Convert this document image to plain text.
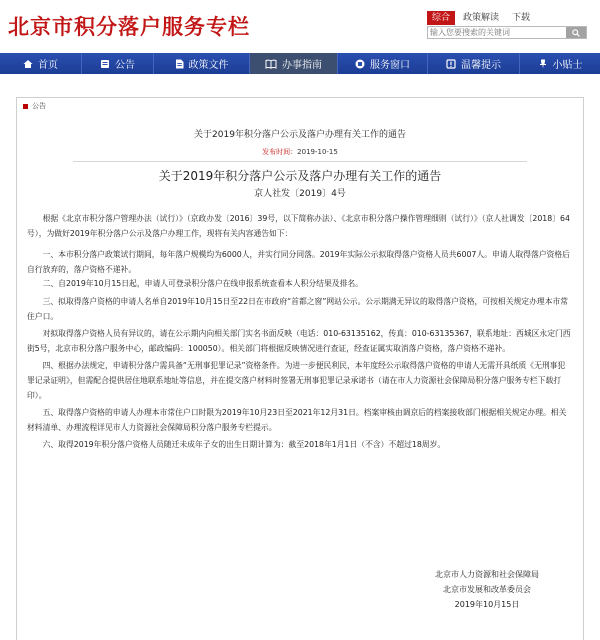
北京市积分落户服务专栏	综合	政策解读	下载
输入您要搜索的关键词
首页	公告	政策文件	办事指南	服务窗口	温馨提示	小贴士
公告
关于2019年积分落户公示及落户办理有关工作的通告
发布时间：2019-10-15
关于2019年积分落户公示及落户办理有关工作的通告
京人社发〔2019〕4号

根据《北京市积分落户管理办法（试行）》（京政办发〔2016〕39号，以下简称办法）、《北京市积分落户操作管理细则（试行）》（京人社调发〔2018〕64号），为做好2019年积分落户公示及落户办理工作，现将有关内容通告如下：

一、本市积分落户政策试行期间，每年落户规模均为6000人，并实行同分同落。2019年实际公示拟取得落户资格人员共6007人。申请人取得落户资格后自行放弃的，落户资格不递补。

二、自2019年10月15日起，申请人可登录积分落户在线申报系统查看本人积分结果及排名。

三、拟取得落户资格的申请人名单自2019年10月15日至22日在市政府“首都之窗”网站公示。公示期满无异议的取得落户资格，可按相关规定办理本市常住户口。

对拟取得落户资格人员有异议的，请在公示期内向相关部门实名书面反映（电话：010-63135162，传真：010-63135367，联系地址：西城区永定门西街5号，北京市积分落户服务中心，邮政编码：100050）。相关部门将根据反映情况进行查证，经查证属实取消落户资格，落户资格不递补。

四、根据办法规定，申请积分落户需具备“无刑事犯罪记录”资格条件。为进一步便民利民，本年度经公示取得落户资格的申请人无需开具纸质《无刑事犯罪记录证明》，但需配合提供居住地联系地址等信息，并在提交落户材料时签署无刑事犯罪记录承诺书（请在市人力资源社会保障局积分落户服务专栏下载打印）。

五、取得落户资格的申请人办理本市常住户口时限为2019年10月23日至2021年12月31日。档案审核由调京后的档案接收部门根据相关规定办理。相关材料清单、办理流程详见市人力资源社会保障局积分落户服务专栏提示。

六、取得2019年积分落户资格人员随迁未成年子女的出生日期计算为：截至2018年1月1日（不含）不超过18周岁。

北京市人力资源和社会保障局
北京市发展和改革委员会
2019年10月15日
